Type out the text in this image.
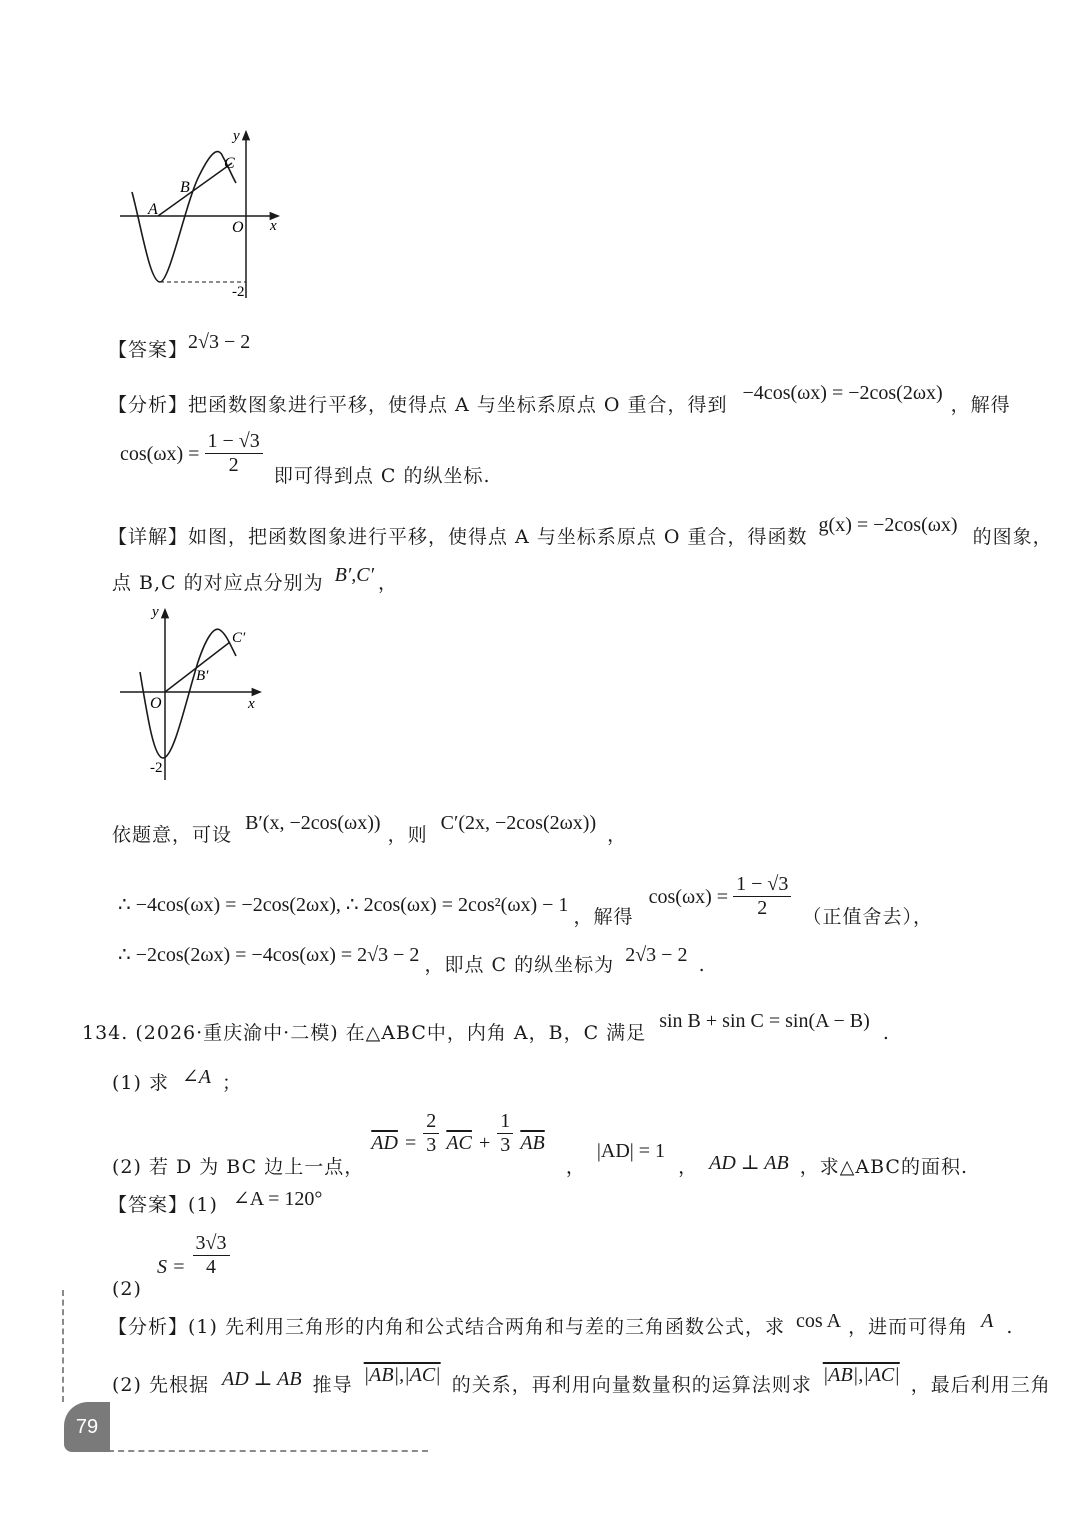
y
x
O
A
B
C
-2
【答案】2√3 − 2
【分析】把函数图象进行平移，使得点 A 与坐标系原点 O 重合，得到 −4cos(ωx) = −2cos(2ωx)，解得
$\cos(\omega x) = \frac{1 - √3}{2}$ 即可得到点 C 的纵坐标.
【详解】如图，把函数图象进行平移，使得点 A 与坐标系原点 O 重合，得函数 g(x) = −2cos(ωx) 的图象，
点 B,C 的对应点分别为 B′,C′ ，
y
x
O
B′
C′
-2
依题意，可设 B′(x, −2cos(ωx)) ，则 C′(2x, −2cos(2ωx)) ，
∴ −4cos(ωx) = −2cos(2ωx), ∴ 2cos(ωx) = 2cos²(ωx) − 1 ，解得 $\cos(\omega x) = \frac{1 - √3}{2}$ （正值舍去），
∴ −2cos(2ωx) = −4cos(ωx) = 2√3 − 2 ，即点 C 的纵坐标为 2√3 − 2 .
134. (2026·重庆渝中·二模) 在△ABC中，内角 A，B，C 满足 sin B + sin C = sin(A − B) .
(1) 求 ∠A ；
(2) 若 D 为 BC 边上一点， $\overline{AD} = \frac{2}{3} \overline{AC} + \frac{1}{3} \overline{AB}$ ， |AD| = 1 ， AD ⊥ AB ，求△ABC的面积.
【答案】(1) ∠A = 120°
(2) $S = \frac{3√3}{4}$
【分析】(1) 先利用三角形的内角和公式结合两角和与差的三角函数公式，求 cos A ，进而可得角 A .
(2) 先根据 AD ⊥ AB 推导 |AB|,|AC| 的关系，再利用向量数量积的运算法则求 |AB|,|AC| ，最后利用三角
79
